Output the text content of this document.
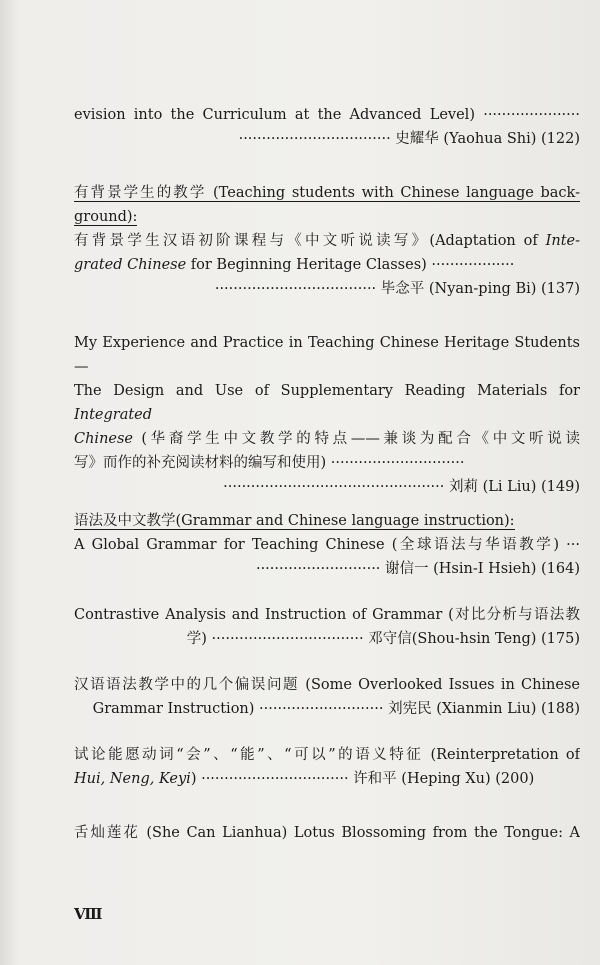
evision into the Curriculum at the Advanced Level) ·····················
································· 史耀华 (Yaohua Shi) (122)
有背景学生的教学 (Teaching students with Chinese language back-
ground):
有背景学生汉语初阶课程与《中文听说读写》(Adaptation of Inte-
grated Chinese for Beginning Heritage Classes) ··················
··································· 毕念平 (Nyan-ping Bi) (137)
My Experience and Practice in Teaching Chinese Heritage Students—
The Design and Use of Supplementary Reading Materials for Integrated
Chinese (华裔学生中文教学的特点——兼谈为配合《中文听说读
写》而作的补充阅读材料的编写和使用) ·····························
················································ 刘莉 (Li Liu) (149)
语法及中文教学(Grammar and Chinese language instruction):
A Global Grammar for Teaching Chinese (全球语法与华语教学) ···
··························· 谢信一 (Hsin-I Hsieh) (164)
Contrastive Analysis and Instruction of Grammar (对比分析与语法教
学) ································· 邓守信(Shou-hsin Teng) (175)
汉语语法教学中的几个偏误问题 (Some Overlooked Issues in Chinese
Grammar Instruction) ··························· 刘宪民 (Xianmin Liu) (188)
试论能愿动词“会”、“能”、“可以”的语义特征 (Reinterpretation of
Hui, Neng, Keyi) ································ 许和平 (Heping Xu) (200)
舌灿莲花 (She Can Lianhua) Lotus Blossoming from the Tongue: A
Ⅷ
